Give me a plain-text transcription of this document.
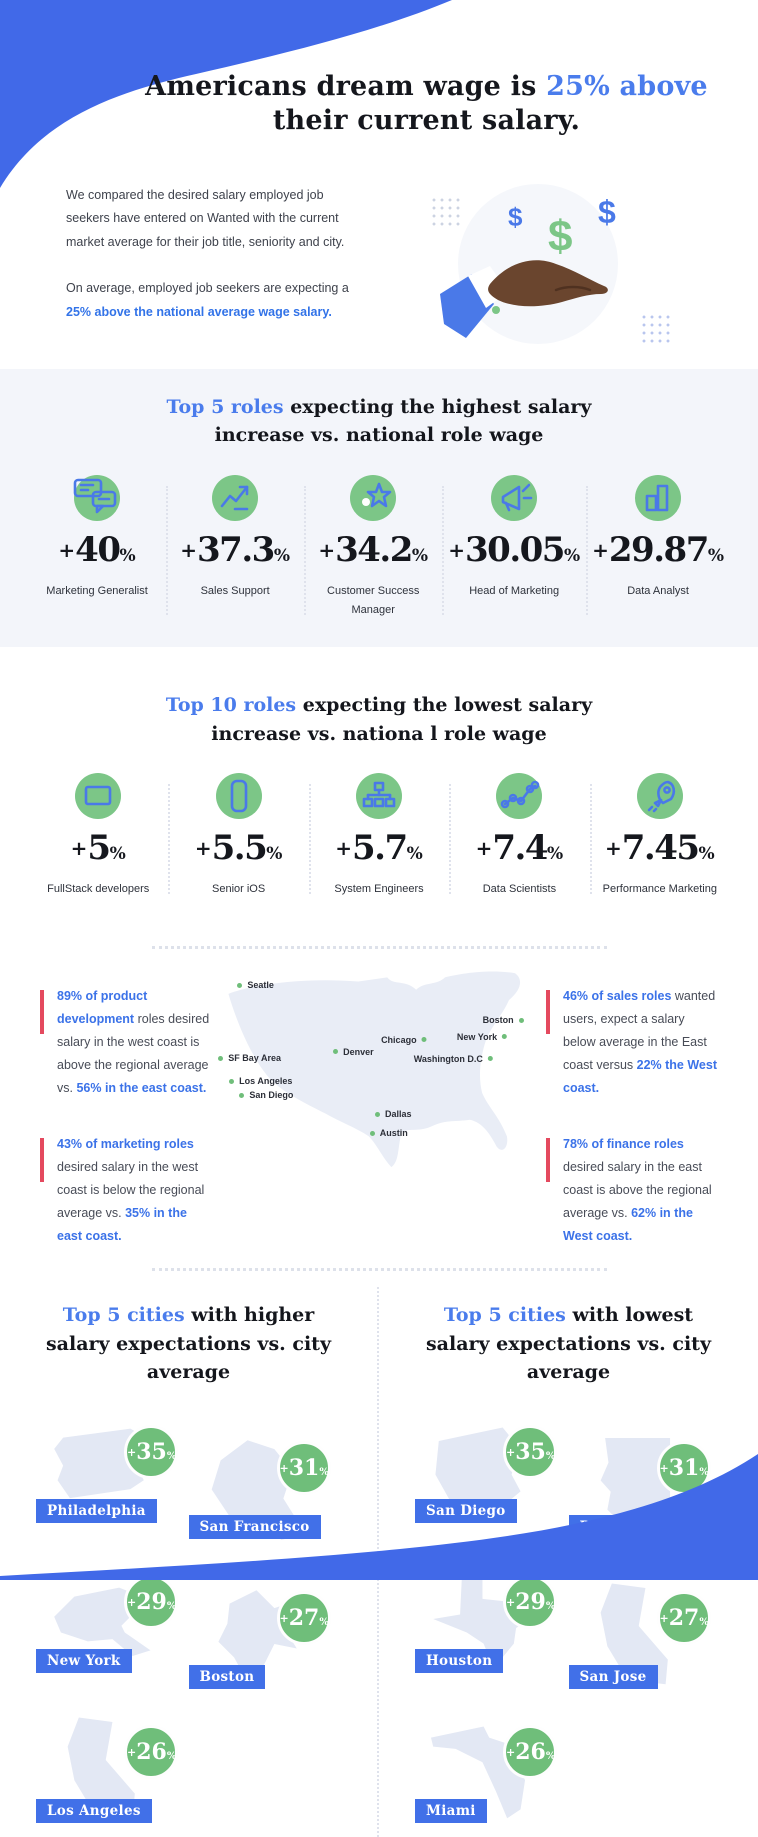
Americans dream wage is 25% above
their current salary.

We compared the desired salary employed job seekers have entered on Wanted with the current market average for their job title, seniority and city.

On average, employed job seekers are expecting a 25% above the national average wage salary.

$ $ $
Top 5 roles expecting the highest salary
increase vs. national role wage
+40%
Marketing Generalist
+37.3%
Sales Support
+34.2%
Customer Success Manager
+30.05%
Head of Marketing
+29.87%
Data Analyst
Top 10 roles expecting the lowest salary
increase vs. nationa l role wage
+5%
FullStack developers
+5.5%
Senior iOS
+5.7%
System Engineers
+7.4%
Data Scientists
+7.45%
Performance Marketing
89% of product development roles desired salary in the west coast is above the regional average vs. 56% in the east coast.
43% of marketing roles desired salary in the west coast is below the regional average vs. 35% in the east coast.
Seatle
SF Bay Area
Los Angeles
San Diego
Denver
Chicago
Boston
New York
Washington D.C
Dallas
Austin
46% of sales roles wanted users, expect a salary below average in the East coast versus 22% the West coast.
78% of finance roles desired salary in the east coast is above the regional average vs. 62% in the West coast.
Top 5 cities with higher
salary expectations vs. city average
+35%
Philadelphia
+31%
San Francisco
+29%
New York
+27%
Boston
+26%
Los Angeles
Top 5 cities with lowest
salary expectations vs. city average
+35%
San Diego
+31%
+29%
Houston
+27%
San Jose
+26%
Miami
